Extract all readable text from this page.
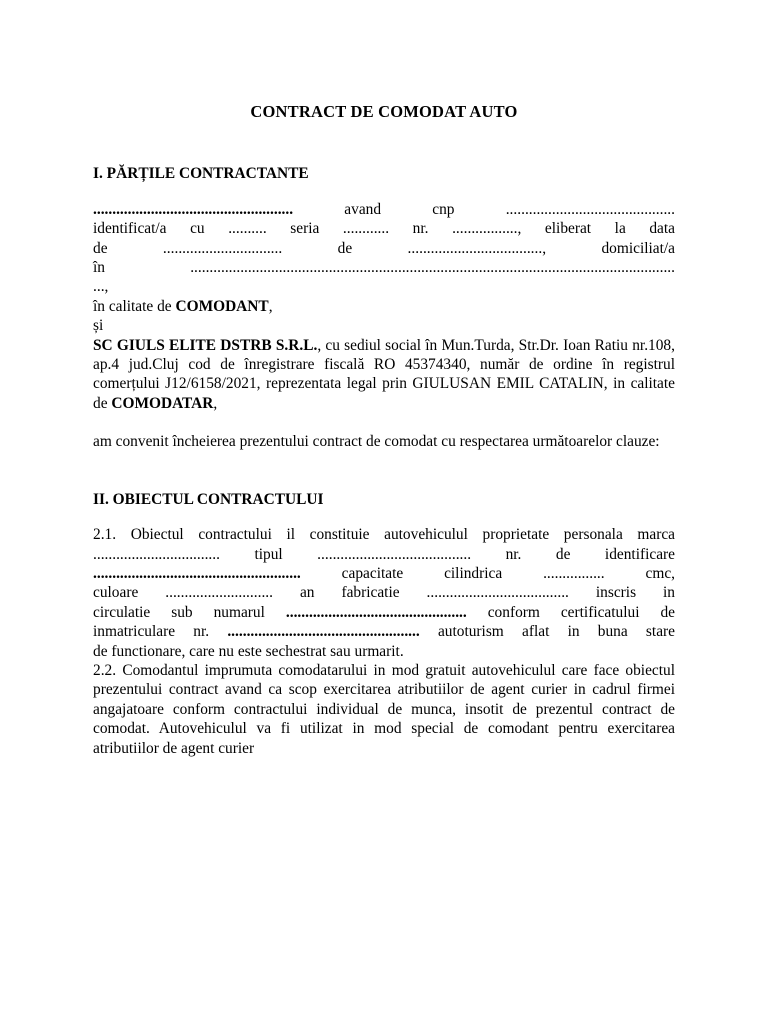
CONTRACT DE COMODAT AUTO
I. PĂRȚILE CONTRACTANTE
.................................................... avand cnp ............................................
identificat/a cu .......... seria ............ nr. ................., eliberat la data
de ............................... de ..................................., domiciliat/a
în ..............................................................................................................................
...,
în calitate de COMODANT,
și

SC GIULS ELITE DSTRB S.R.L., cu sediul social în Mun.Turda, Str.Dr. Ioan Ratiu nr.108, ap.4 jud.Cluj cod de înregistrare fiscală RO 45374340, număr de ordine în registrul comerțului J12/6158/2021, reprezentata legal prin GIULUSAN EMIL CATALIN, in calitate de COMODATAR,

am convenit încheierea prezentului contract de comodat cu respectarea următoarelor clauze:

II. OBIECTUL CONTRACTULUI
2.1. Obiectul contractului il constituie autovehiculul proprietate personala marca
................................. tipul ........................................ nr. de identificare
...................................................... capacitate cilindrica ................ cmc,
culoare ............................ an fabricatie ..................................... inscris in
circulatie sub numarul ............................................... conform certificatului de
inmatriculare nr. .................................................. autoturism aflat in buna stare
de functionare, care nu este sechestrat sau urmarit.

2.2. Comodantul imprumuta comodatarului in mod gratuit autovehiculul care face obiectul prezentului contract avand ca scop exercitarea atributiilor de agent curier in cadrul firmei angajatoare conform contractului individual de munca, insotit de prezentul contract de comodat. Autovehiculul va fi utilizat in mod special de comodant pentru exercitarea atributiilor de agent curier
